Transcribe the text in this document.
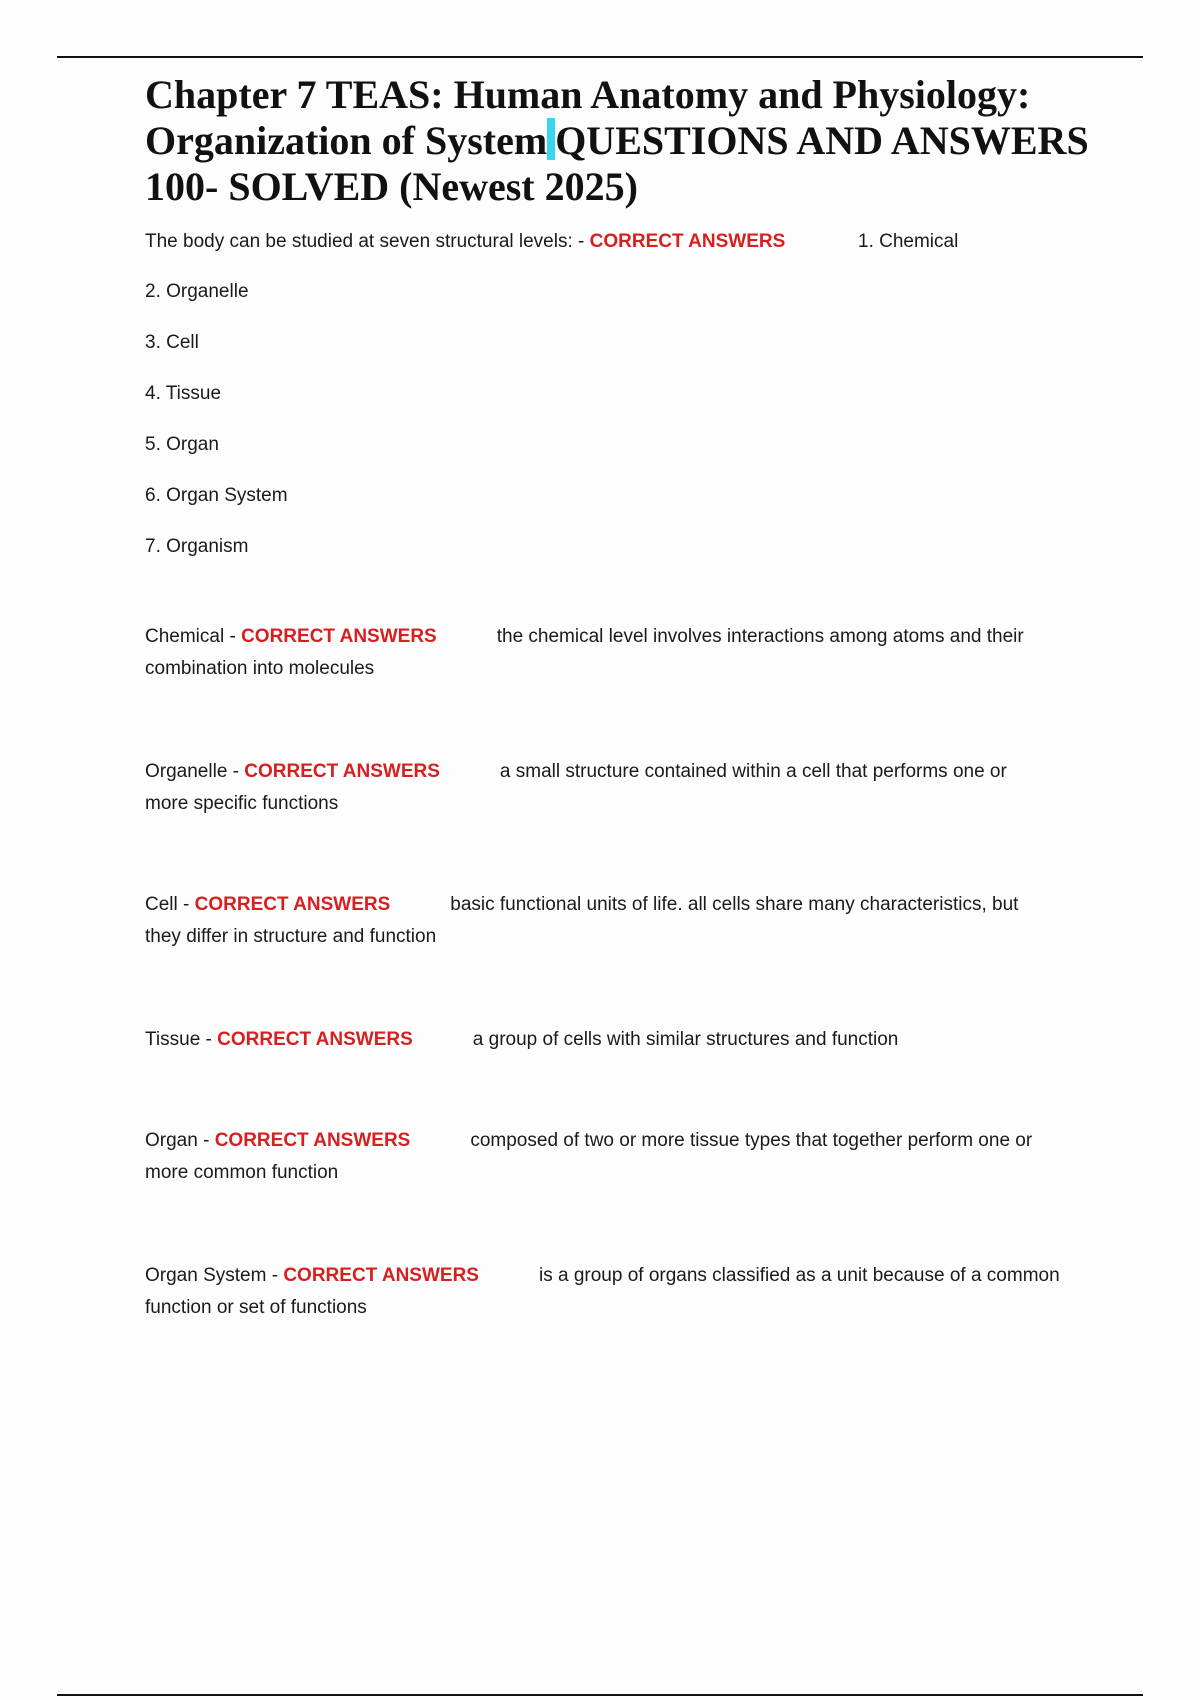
Chapter 7 TEAS: Human Anatomy and Physiology: Organization of System QUESTIONS AND ANSWERS 100- SOLVED (Newest 2025)
The body can be studied at seven structural levels: - CORRECT ANSWERS	1. Chemical
2. Organelle
3. Cell
4. Tissue
5. Organ
6. Organ System
7. Organism
Chemical - CORRECT ANSWERS	the chemical level involves interactions among atoms and their
combination into molecules
Organelle - CORRECT ANSWERS	a small structure contained within a cell that performs one or
more specific functions
Cell - CORRECT ANSWERS	basic functional units of life. all cells share many characteristics, but
they differ in structure and function
Tissue - CORRECT ANSWERS	a group of cells with similar structures and function
Organ - CORRECT ANSWERS	composed of two or more tissue types that together perform one or
more common function
Organ System - CORRECT ANSWERS	is a group of organs classified as a unit because of a common
function or set of functions
